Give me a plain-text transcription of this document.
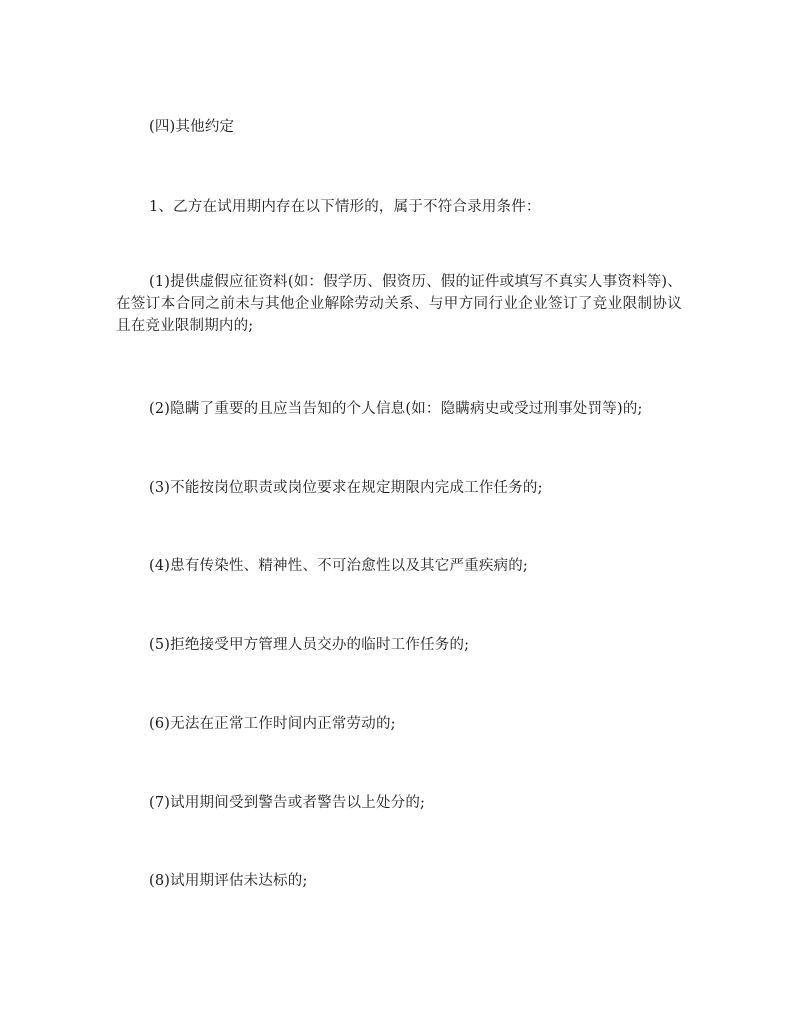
(四)其他约定

1、乙方在试用期内存在以下情形的，属于不符合录用条件：

(1)提供虚假应征资料(如：假学历、假资历、假的证件或填写不真实人事资料等)、在签订本合同之前未与其他企业解除劳动关系、与甲方同行业企业签订了竞业限制协议且在竞业限制期内的;

(2)隐瞒了重要的且应当告知的个人信息(如：隐瞒病史或受过刑事处罚等)的;

(3)不能按岗位职责或岗位要求在规定期限内完成工作任务的;

(4)患有传染性、精神性、不可治愈性以及其它严重疾病的;

(5)拒绝接受甲方管理人员交办的临时工作任务的;

(6)无法在正常工作时间内正常劳动的;

(7)试用期间受到警告或者警告以上处分的;

(8)试用期评估未达标的;
